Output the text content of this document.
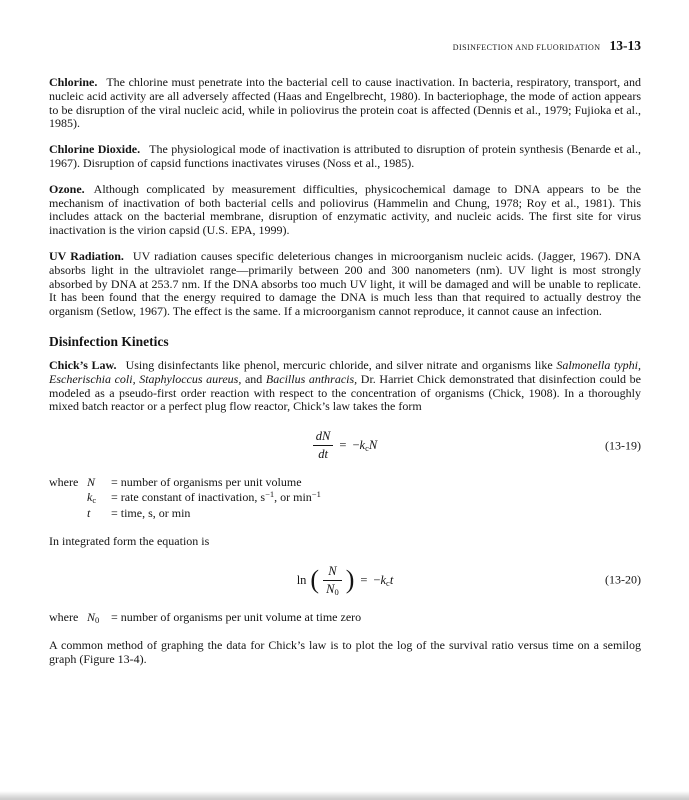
DISINFECTION AND FLUORIDATION 13-13

Chlorine. The chlorine must penetrate into the bacterial cell to cause inactivation. In bacteria, respiratory, transport, and nucleic acid activity are all adversely affected (Haas and Engelbrecht, 1980). In bacteriophage, the mode of action appears to be disruption of the viral nucleic acid, while in poliovirus the protein coat is affected (Dennis et al., 1979; Fujioka et al., 1985).

Chlorine Dioxide. The physiological mode of inactivation is attributed to disruption of protein synthesis (Benarde et al., 1967). Disruption of capsid functions inactivates viruses (Noss et al., 1985).

Ozone. Although complicated by measurement difficulties, physicochemical damage to DNA appears to be the mechanism of inactivation of both bacterial cells and poliovirus (Hammelin and Chung, 1978; Roy et al., 1981). This includes attack on the bacterial membrane, disruption of enzymatic activity, and nucleic acids. The first site for virus inactivation is the virion capsid (U.S. EPA, 1999).

UV Radiation. UV radiation causes specific deleterious changes in microorganism nucleic acids. (Jagger, 1967). DNA absorbs light in the ultraviolet range—primarily between 200 and 300 nanometers (nm). UV light is most strongly absorbed by DNA at 253.7 nm. If the DNA absorbs too much UV light, it will be damaged and will be unable to replicate. It has been found that the energy required to damage the DNA is much less than that required to actually destroy the organism (Setlow, 1967). The effect is the same. If a microorganism cannot reproduce, it cannot cause an infection.

Disinfection Kinetics

Chick’s Law. Using disinfectants like phenol, mercuric chloride, and silver nitrate and organisms like Salmonella typhi, Escherischia coli, Staphyloccus aureus, and Bacillus anthracis, Dr. Harriet Chick demonstrated that disinfection could be modeled as a pseudo-first order reaction with respect to the concentration of organisms (Chick, 1908). In a thoroughly mixed batch reactor or a perfect plug flow reactor, Chick’s law takes the form

$\frac{dN}{dt} = -k_cN$	(13-19)
where N	= number of organisms per unit volume
$k_c$	= rate constant of inactivation, $s^{-1}$, or $\min^{-1}$
t	= time, s, or min

In integrated form the equation is

ln ( $\frac{N}{N_0}$ ) = $-k_ct$	(13-20)
where $N_0$ = number of organisms per unit volume at time zero

A common method of graphing the data for Chick’s law is to plot the log of the survival ratio versus time on a semilog graph (Figure 13-4).
